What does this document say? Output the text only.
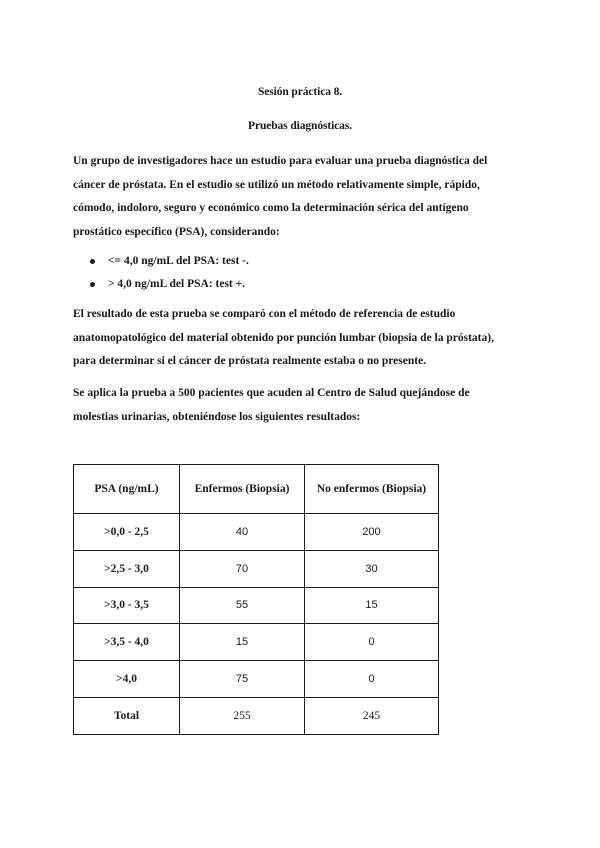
Sesión práctica 8.
Pruebas diagnósticas.

Un grupo de investigadores hace un estudio para evaluar una prueba diagnóstica del
cáncer de próstata. En el estudio se utilizó un método relativamente simple, rápido,
cómodo, indoloro, seguro y económico como la determinación sérica del antígeno
prostático específico (PSA), considerando:

<= 4,0 ng/mL del PSA: test -.
> 4,0 ng/mL del PSA: test +.

El resultado de esta prueba se comparó con el método de referencia de estudio
anatomopatológico del material obtenido por punción lumbar (biopsia de la próstata),
para determinar si el cáncer de próstata realmente estaba o no presente.

Se aplica la prueba a 500 pacientes que acuden al Centro de Salud quejándose de
molestias urinarias, obteniéndose los siguientes resultados:

PSA (ng/mL)	Enfermos (Biopsia)	No enfermos (Biopsia)
>0,0 - 2,5	40	200
>2,5 - 3,0	70	30
>3,0 - 3,5	55	15
>3,5 - 4,0	15	0
>4,0	75	0
Total	255	245
